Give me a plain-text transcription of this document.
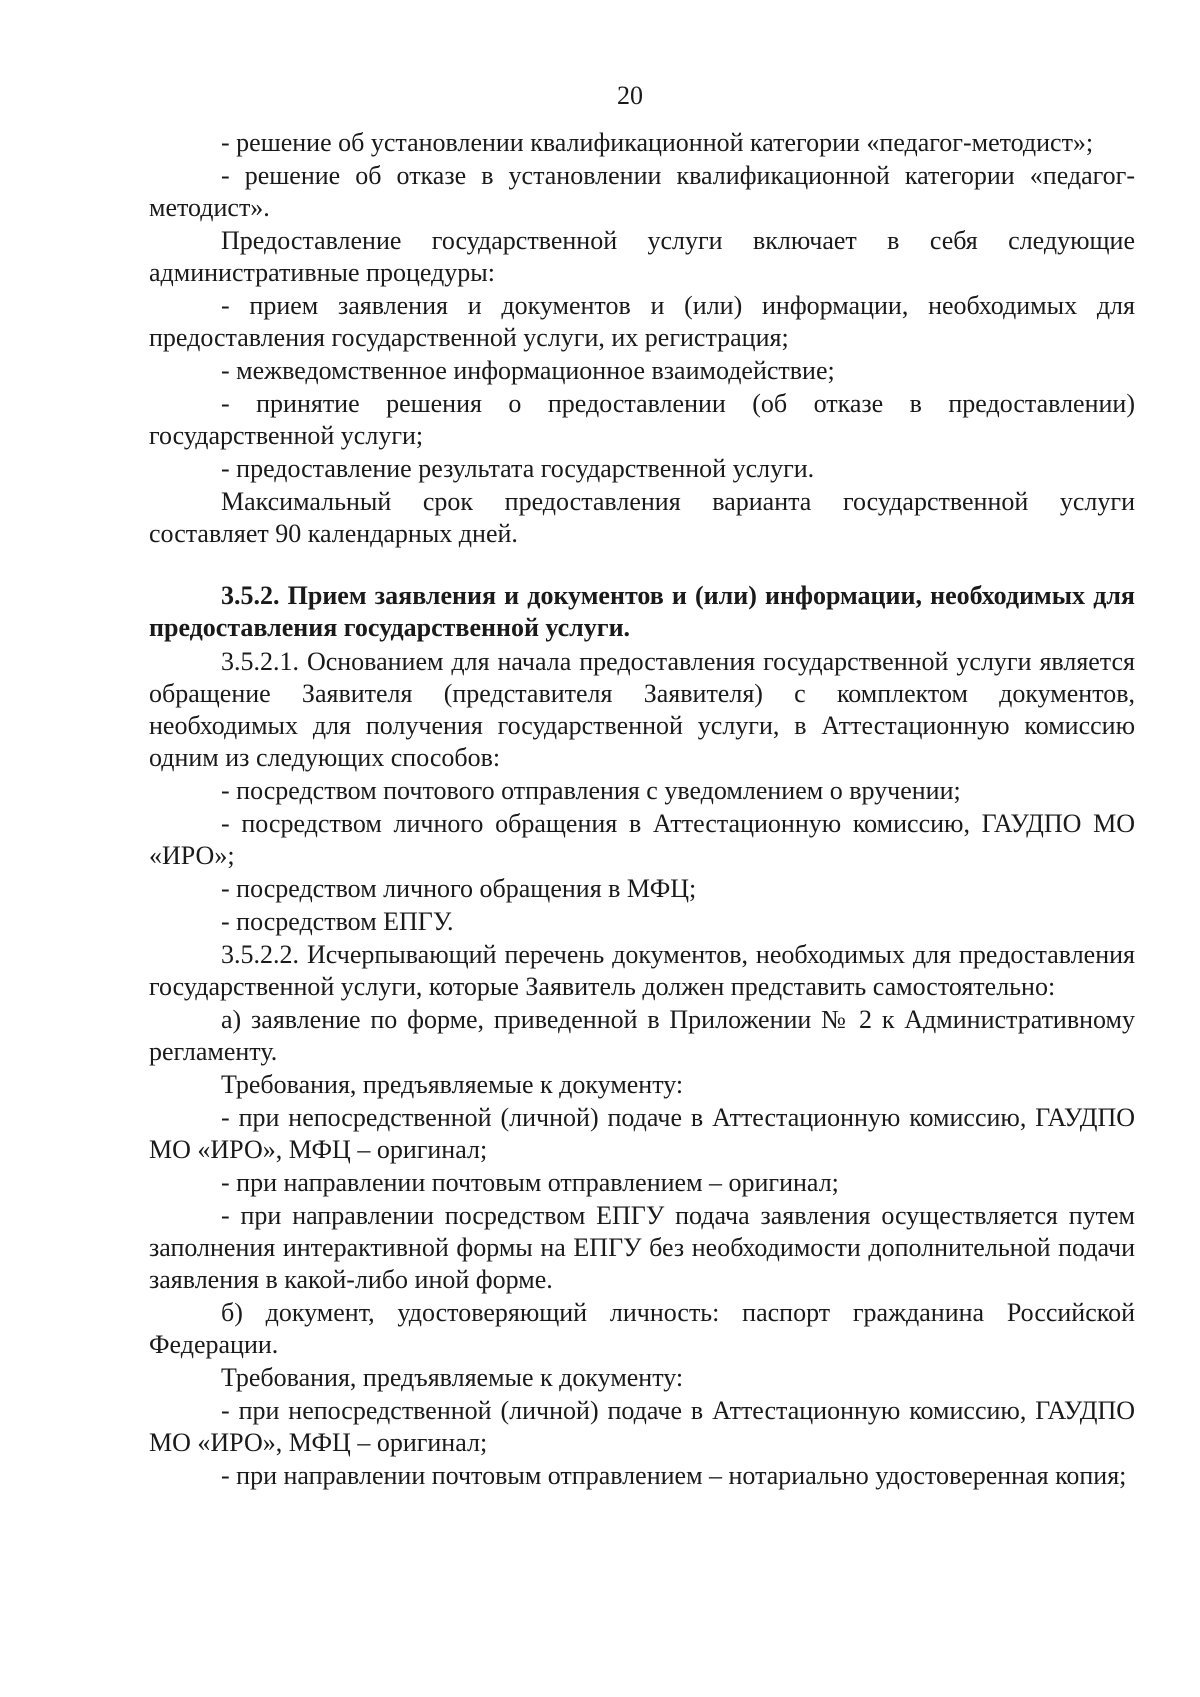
20

- решение об установлении квалификационной категории «педагог-методист»;

- решение об отказе в установлении квалификационной категории «педагог-методист».

Предоставление государственной услуги включает в себя следующие административные процедуры:

- прием заявления и документов и (или) информации, необходимых для предоставления государственной услуги, их регистрация;

- межведомственное информационное взаимодействие;

- принятие решения о предоставлении (об отказе в предоставлении) государственной услуги;

- предоставление результата государственной услуги.

Максимальный срок предоставления варианта государственной услуги составляет 90 календарных дней.

3.5.2. Прием заявления и документов и (или) информации, необходимых для предоставления государственной услуги.

3.5.2.1. Основанием для начала предоставления государственной услуги является обращение Заявителя (представителя Заявителя) с комплектом документов, необходимых для получения государственной услуги, в Аттестационную комиссию одним из следующих способов:

- посредством почтового отправления с уведомлением о вручении;

- посредством личного обращения в Аттестационную комиссию, ГАУДПО МО «ИРО»;

- посредством личного обращения в МФЦ;

- посредством ЕПГУ.

3.5.2.2. Исчерпывающий перечень документов, необходимых для предоставления государственной услуги, которые Заявитель должен представить самостоятельно:

а) заявление по форме, приведенной в Приложении № 2 к Административному регламенту.

Требования, предъявляемые к документу:

- при непосредственной (личной) подаче в Аттестационную комиссию, ГАУДПО МО «ИРО», МФЦ – оригинал;

- при направлении почтовым отправлением – оригинал;

- при направлении посредством ЕПГУ подача заявления осуществляется путем заполнения интерактивной формы на ЕПГУ без необходимости дополнительной подачи заявления в какой-либо иной форме.

б) документ, удостоверяющий личность: паспорт гражданина Российской Федерации.

Требования, предъявляемые к документу:

- при непосредственной (личной) подаче в Аттестационную комиссию, ГАУДПО МО «ИРО», МФЦ – оригинал;

- при направлении почтовым отправлением – нотариально удостоверенная копия;
